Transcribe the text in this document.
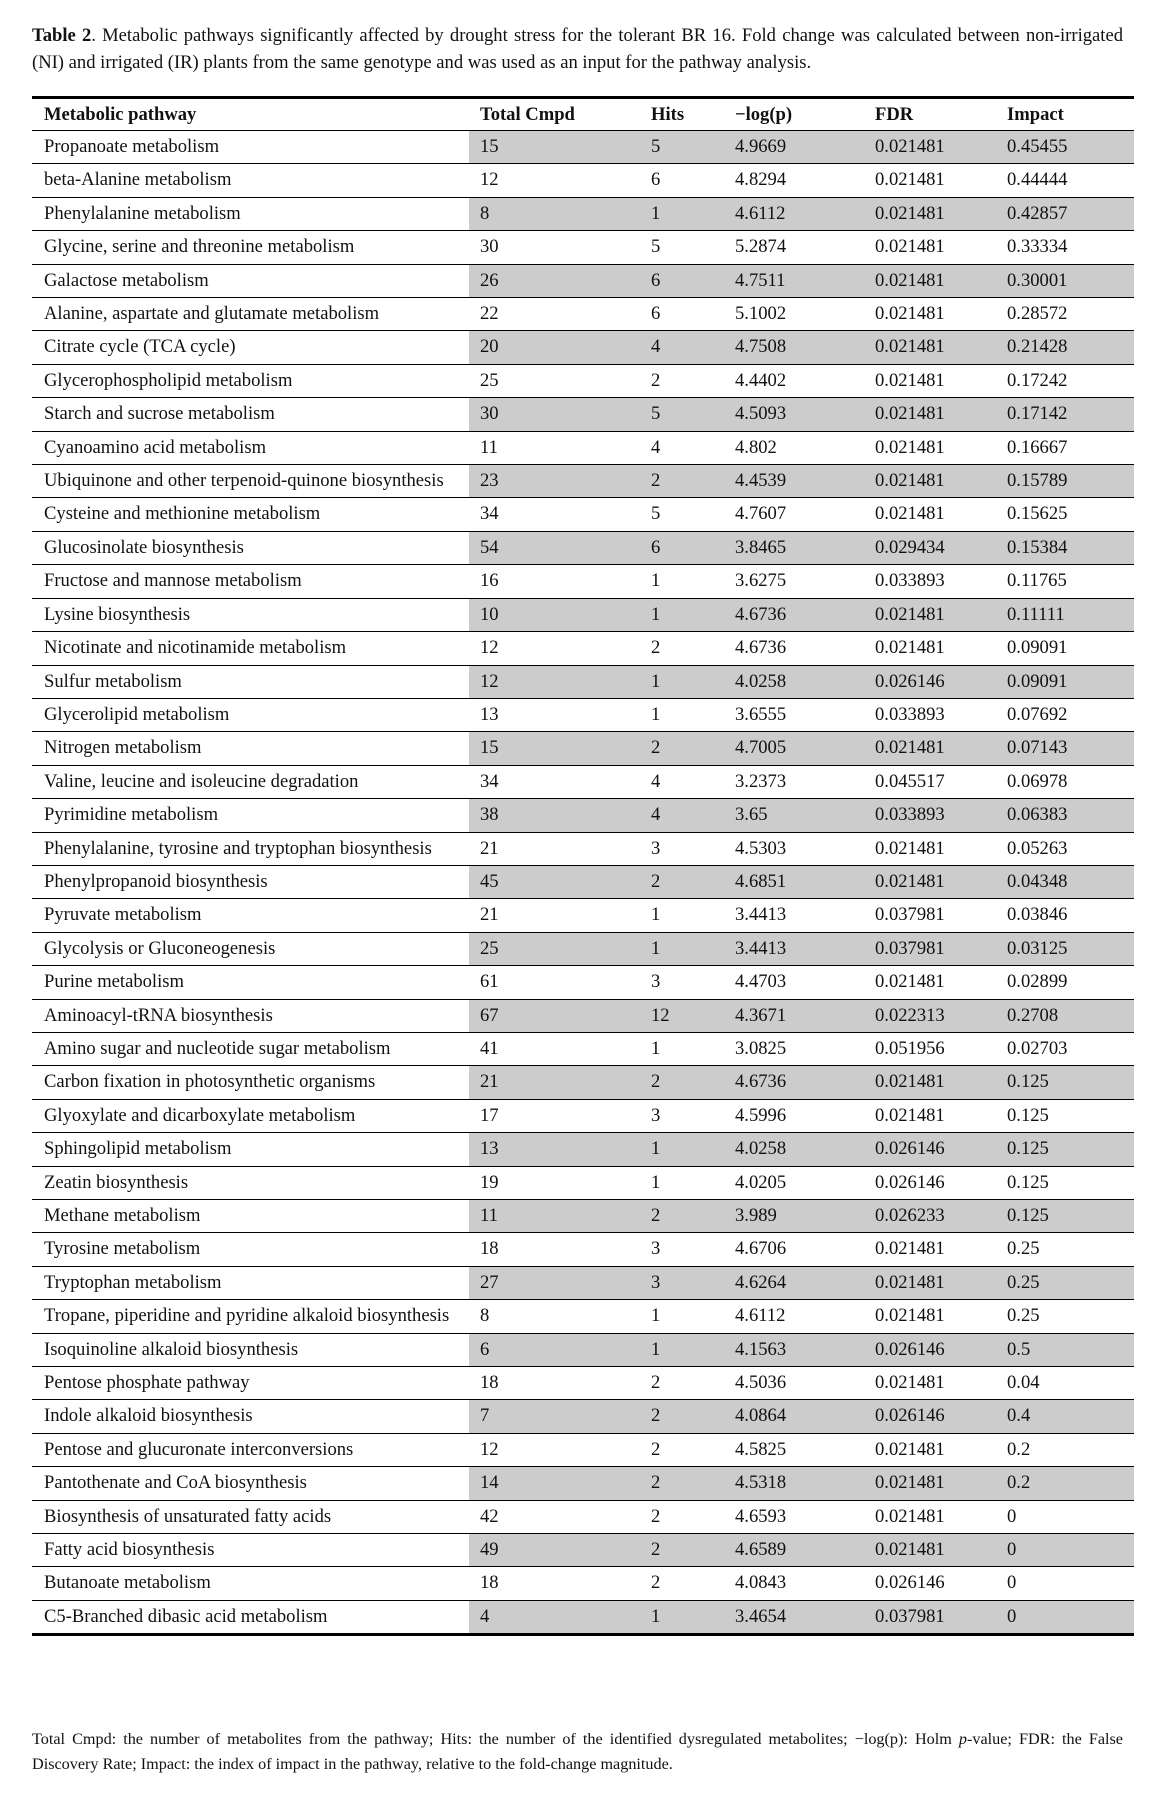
Table 2. Metabolic pathways significantly affected by drought stress for the tolerant BR 16. Fold change was calculated between non-irrigated (NI) and irrigated (IR) plants from the same genotype and was used as an input for the pathway analysis.
Metabolic pathway	Total Cmpd	Hits	−log(p)	FDR	Impact
Propanoate metabolism	15	5	4.9669	0.021481	0.45455
beta-Alanine metabolism	12	6	4.8294	0.021481	0.44444
Phenylalanine metabolism	8	1	4.6112	0.021481	0.42857
Glycine, serine and threonine metabolism	30	5	5.2874	0.021481	0.33334
Galactose metabolism	26	6	4.7511	0.021481	0.30001
Alanine, aspartate and glutamate metabolism	22	6	5.1002	0.021481	0.28572
Citrate cycle (TCA cycle)	20	4	4.7508	0.021481	0.21428
Glycerophospholipid metabolism	25	2	4.4402	0.021481	0.17242
Starch and sucrose metabolism	30	5	4.5093	0.021481	0.17142
Cyanoamino acid metabolism	11	4	4.802	0.021481	0.16667
Ubiquinone and other terpenoid-quinone biosynthesis	23	2	4.4539	0.021481	0.15789
Cysteine and methionine metabolism	34	5	4.7607	0.021481	0.15625
Glucosinolate biosynthesis	54	6	3.8465	0.029434	0.15384
Fructose and mannose metabolism	16	1	3.6275	0.033893	0.11765
Lysine biosynthesis	10	1	4.6736	0.021481	0.11111
Nicotinate and nicotinamide metabolism	12	2	4.6736	0.021481	0.09091
Sulfur metabolism	12	1	4.0258	0.026146	0.09091
Glycerolipid metabolism	13	1	3.6555	0.033893	0.07692
Nitrogen metabolism	15	2	4.7005	0.021481	0.07143
Valine, leucine and isoleucine degradation	34	4	3.2373	0.045517	0.06978
Pyrimidine metabolism	38	4	3.65	0.033893	0.06383
Phenylalanine, tyrosine and tryptophan biosynthesis	21	3	4.5303	0.021481	0.05263
Phenylpropanoid biosynthesis	45	2	4.6851	0.021481	0.04348
Pyruvate metabolism	21	1	3.4413	0.037981	0.03846
Glycolysis or Gluconeogenesis	25	1	3.4413	0.037981	0.03125
Purine metabolism	61	3	4.4703	0.021481	0.02899
Aminoacyl-tRNA biosynthesis	67	12	4.3671	0.022313	0.2708
Amino sugar and nucleotide sugar metabolism	41	1	3.0825	0.051956	0.02703
Carbon fixation in photosynthetic organisms	21	2	4.6736	0.021481	0.125
Glyoxylate and dicarboxylate metabolism	17	3	4.5996	0.021481	0.125
Sphingolipid metabolism	13	1	4.0258	0.026146	0.125
Zeatin biosynthesis	19	1	4.0205	0.026146	0.125
Methane metabolism	11	2	3.989	0.026233	0.125
Tyrosine metabolism	18	3	4.6706	0.021481	0.25
Tryptophan metabolism	27	3	4.6264	0.021481	0.25
Tropane, piperidine and pyridine alkaloid biosynthesis	8	1	4.6112	0.021481	0.25
Isoquinoline alkaloid biosynthesis	6	1	4.1563	0.026146	0.5
Pentose phosphate pathway	18	2	4.5036	0.021481	0.04
Indole alkaloid biosynthesis	7	2	4.0864	0.026146	0.4
Pentose and glucuronate interconversions	12	2	4.5825	0.021481	0.2
Pantothenate and CoA biosynthesis	14	2	4.5318	0.021481	0.2
Biosynthesis of unsaturated fatty acids	42	2	4.6593	0.021481	0
Fatty acid biosynthesis	49	2	4.6589	0.021481	0
Butanoate metabolism	18	2	4.0843	0.026146	0
C5-Branched dibasic acid metabolism	4	1	3.4654	0.037981	0
Total Cmpd: the number of metabolites from the pathway; Hits: the number of the identified dysregulated metabolites; −log(p): Holm p-value; FDR: the False Discovery Rate; Impact: the index of impact in the pathway, relative to the fold-change magnitude.
